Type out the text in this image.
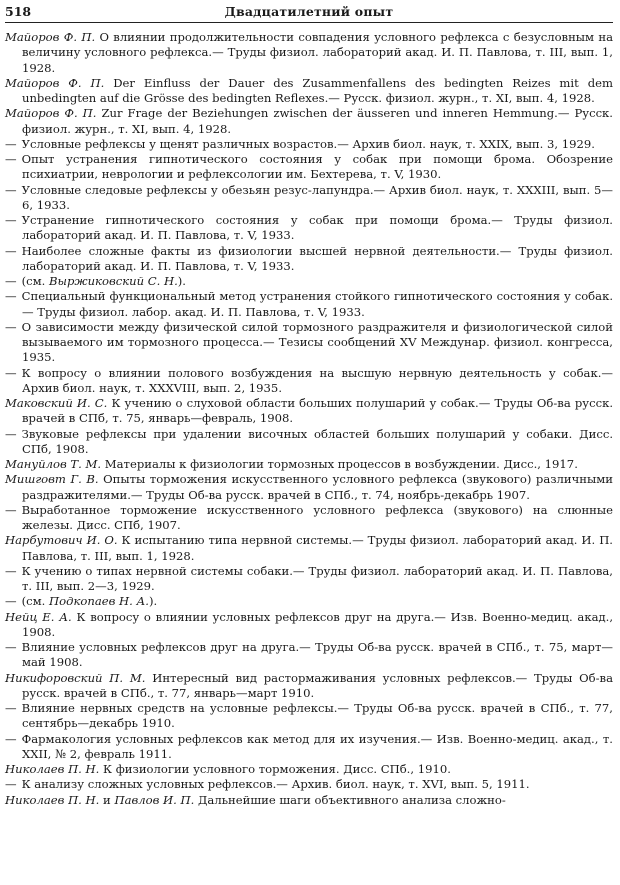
518	Двадцатилетний опыт
Майоров Ф. П. О влиянии продолжительности совпадения условного рефлекса с безусловным на величину условного рефлекса.— Труды физиол. лабораторий акад. И. П. Павлова, т. III, вып. 1, 1928.
Майоров Ф. П. Der Einfluss der Dauer des Zusammenfallens des bedingten Reizes mit dem unbedingten auf die Grösse des bedingten Reflexes.— Русск. физиол. журн., т. XI, вып. 4, 1928.
Майоров Ф. П. Zur Frage der Beziehungen zwischen der äusseren und inneren Hemmung.— Русск. физиол. журн., т. XI, вып. 4, 1928.
— Условные рефлексы у щенят различных возрастов.— Архив биол. наук, т. XXIX, вып. 3, 1929.
— Опыт устранения гипнотического состояния у собак при помощи брома. Обозрение психиатрии, неврологии и рефлексологии им. Бехтерева, т. V, 1930.
— Условные следовые рефлексы у обезьян резус-лапундра.— Архив биол. наук, т. XXXIII, вып. 5—6, 1933.
— Устранение гипнотического состояния у собак при помощи брома.— Труды физиол. лабораторий акад. И. П. Павлова, т. V, 1933.
— Наиболее сложные факты из физиологии высшей нервной деятельности.— Труды физиол. лабораторий акад. И. П. Павлова, т. V, 1933.
— (см. Выржиковский С. Н.).
— Специальный функциональный метод устранения стойкого гипнотического состояния у собак.— Труды физиол. лабор. акад. И. П. Павлова, т. V, 1933.
— О зависимости между физической силой тормозного раздражителя и физиологической силой вызываемого им тормозного процесса.— Тезисы сообщений XV Междунар. физиол. конгресса, 1935.
— К вопросу о влиянии полового возбуждения на высшую нервную деятельность у собак.— Архив биол. наук, т. XXXVIII, вып. 2, 1935.
Маковский И. С. К учению о слуховой области больших полушарий у собак.— Труды Об-ва русск. врачей в СПб, т. 75, январь—февраль, 1908.
— Звуковые рефлексы при удалении височных областей больших полушарий у собаки. Дисс. СПб, 1908.
Мануйлов Т. М. Материалы к физиологии тормозных процессов в возбуждении. Дисс., 1917.
Мишговт Г. В. Опыты торможения искусственного условного рефлекса (звукового) различными раздражителями.— Труды Об-ва русск. врачей в СПб., т. 74, ноябрь-декабрь 1907.
— Выработанное торможение искусственного условного рефлекса (звукового) на слюнные железы. Дисс. СПб, 1907.
Нарбутович И. О. К испытанию типа нервной системы.— Труды физиол. лабораторий акад. И. П. Павлова, т. III, вып. 1, 1928.
— К учению о типах нервной системы собаки.— Труды физиол. лабораторий акад. И. П. Павлова, т. III, вып. 2—3, 1929.
— (см. Подкопаев Н. А.).
Нейц Е. А. К вопросу о влиянии условных рефлексов друг на друга.— Изв. Военно-медиц. акад., 1908.
— Влияние условных рефлексов друг на друга.— Труды Об-ва русск. врачей в СПб., т. 75, март—май 1908.
Никифоровский П. М. Интересный вид растормаживания условных рефлексов.— Труды Об-ва русск. врачей в СПб., т. 77, январь—март 1910.
— Влияние нервных средств на условные рефлексы.— Труды Об-ва русск. врачей в СПб., т. 77, сентябрь—декабрь 1910.
— Фармакология условных рефлексов как метод для их изучения.— Изв. Военно-медиц. акад., т. XXII, № 2, февраль 1911.
Николаев П. Н. К физиологии условного торможения. Дисс. СПб., 1910.
— К анализу сложных условных рефлексов.— Архив. биол. наук, т. XVI, вып. 5, 1911.
Николаев П. Н. и Павлов И. П. Дальнейшие шаги объективного анализа сложно-
